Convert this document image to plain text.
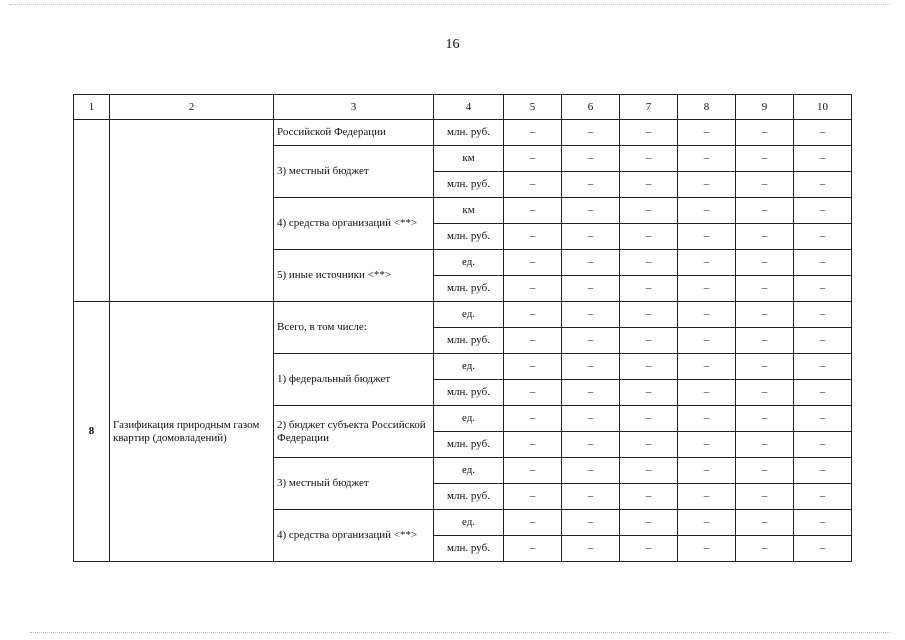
16
1	2	3	4	5	6	7	8	9	10
		Российской Федерации	млн. руб.	–	–	–	–	–	–
		3) местный бюджет	км	–	–	–	–	–	–
			млн. руб.	–	–	–	–	–	–
		4) средства организаций <**>	км	–	–	–	–	–	–
			млн. руб.	–	–	–	–	–	–
		5) иные источники <**>	ед.	–	–	–	–	–	–
			млн. руб.	–	–	–	–	–	–
8	Газификация природным газом квартир (домовладений)	Всего, в том числе:	ед.	–	–	–	–	–	–
			млн. руб.	–	–	–	–	–	–
		1) федеральный бюджет	ед.	–	–	–	–	–	–
			млн. руб.	–	–	–	–	–	–
		2) бюджет субъекта Российской Федерации	ед.	–	–	–	–	–	–
			млн. руб.	–	–	–	–	–	–
		3) местный бюджет	ед.	–	–	–	–	–	–
			млн. руб.	–	–	–	–	–	–
		4) средства организаций <**>	ед.	–	–	–	–	–	–
			млн. руб.	–	–	–	–	–	–
